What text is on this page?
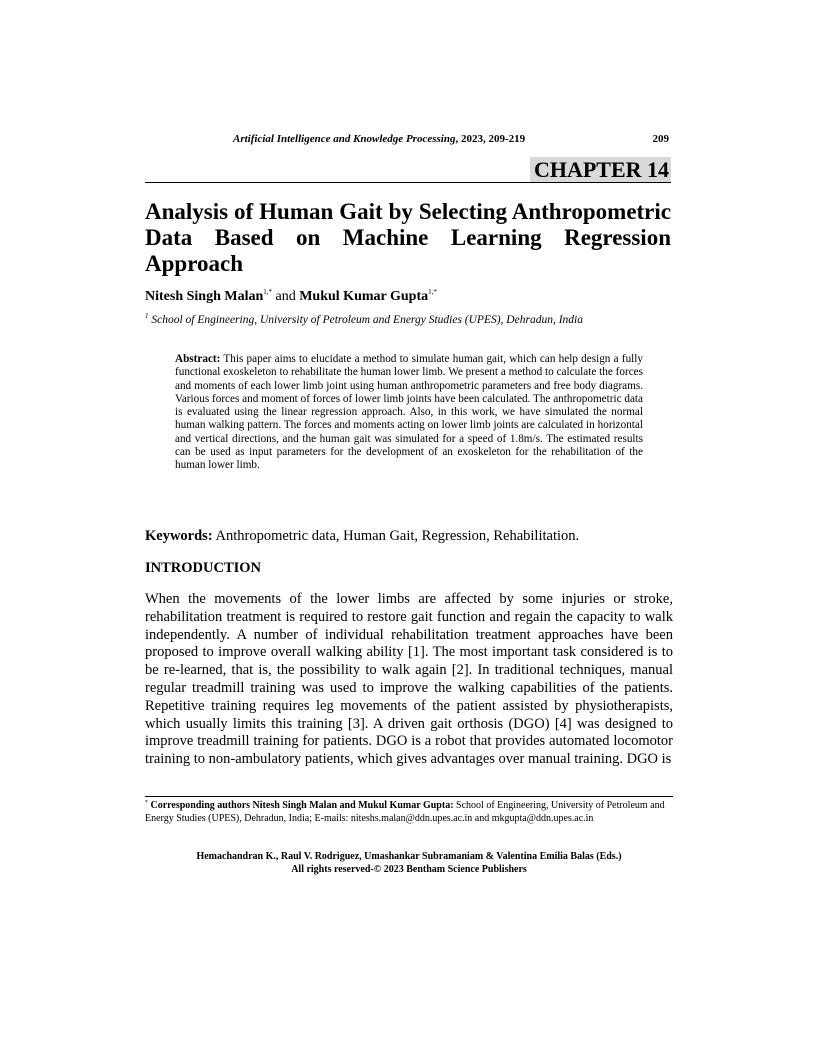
Artificial Intelligence and Knowledge Processing, 2023, 209-219	209
CHAPTER 14
Analysis of Human Gait by Selecting Anthropometric Data Based on Machine Learning Regression Approach
Nitesh Singh Malan$^{1,*}$ and Mukul Kumar Gupta$^{1,*}$
$^1$ School of Engineering, University of Petroleum and Energy Studies (UPES), Dehradun, India

Abstract: This paper aims to elucidate a method to simulate human gait, which can help design a fully functional exoskeleton to rehabilitate the human lower limb. We present a method to calculate the forces and moments of each lower limb joint using human anthropometric parameters and free body diagrams. Various forces and moment of forces of lower limb joints have been calculated. The anthropometric data is evaluated using the linear regression approach. Also, in this work, we have simulated the normal human walking pattern. The forces and moments acting on lower limb joints are calculated in horizontal and vertical directions, and the human gait was simulated for a speed of 1.8m/s. The estimated results can be used as input parameters for the development of an exoskeleton for the rehabilitation of the human lower limb.

Keywords: Anthropometric data, Human Gait, Regression, Rehabilitation.
INTRODUCTION

When the movements of the lower limbs are affected by some injuries or stroke, rehabilitation treatment is required to restore gait function and regain the capacity to walk independently. A number of individual rehabilitation treatment approaches have been proposed to improve overall walking ability [1]. The most important task considered is to be re-learned, that is, the possibility to walk again [2]. In traditional techniques, manual regular treadmill training was used to improve the walking capabilities of the patients. Repetitive training requires leg movements of the patient assisted by physiotherapists, which usually limits this training [3]. A driven gait orthosis (DGO) [4] was designed to improve treadmill training for patients. DGO is a robot that provides automated locomotor training to non-ambulatory patients, which gives advantages over manual training. DGO is

* Corresponding authors Nitesh Singh Malan and Mukul Kumar Gupta: School of Engineering, University of Petroleum and Energy Studies (UPES), Dehradun, India; E-mails: niteshs.malan@ddn.upes.ac.in and mkgupta@ddn.upes.ac.in

Hemachandran K., Raul V. Rodriguez, Umashankar Subramaniam & Valentina Emilia Balas (Eds.)
All rights reserved-© 2023 Bentham Science Publishers
